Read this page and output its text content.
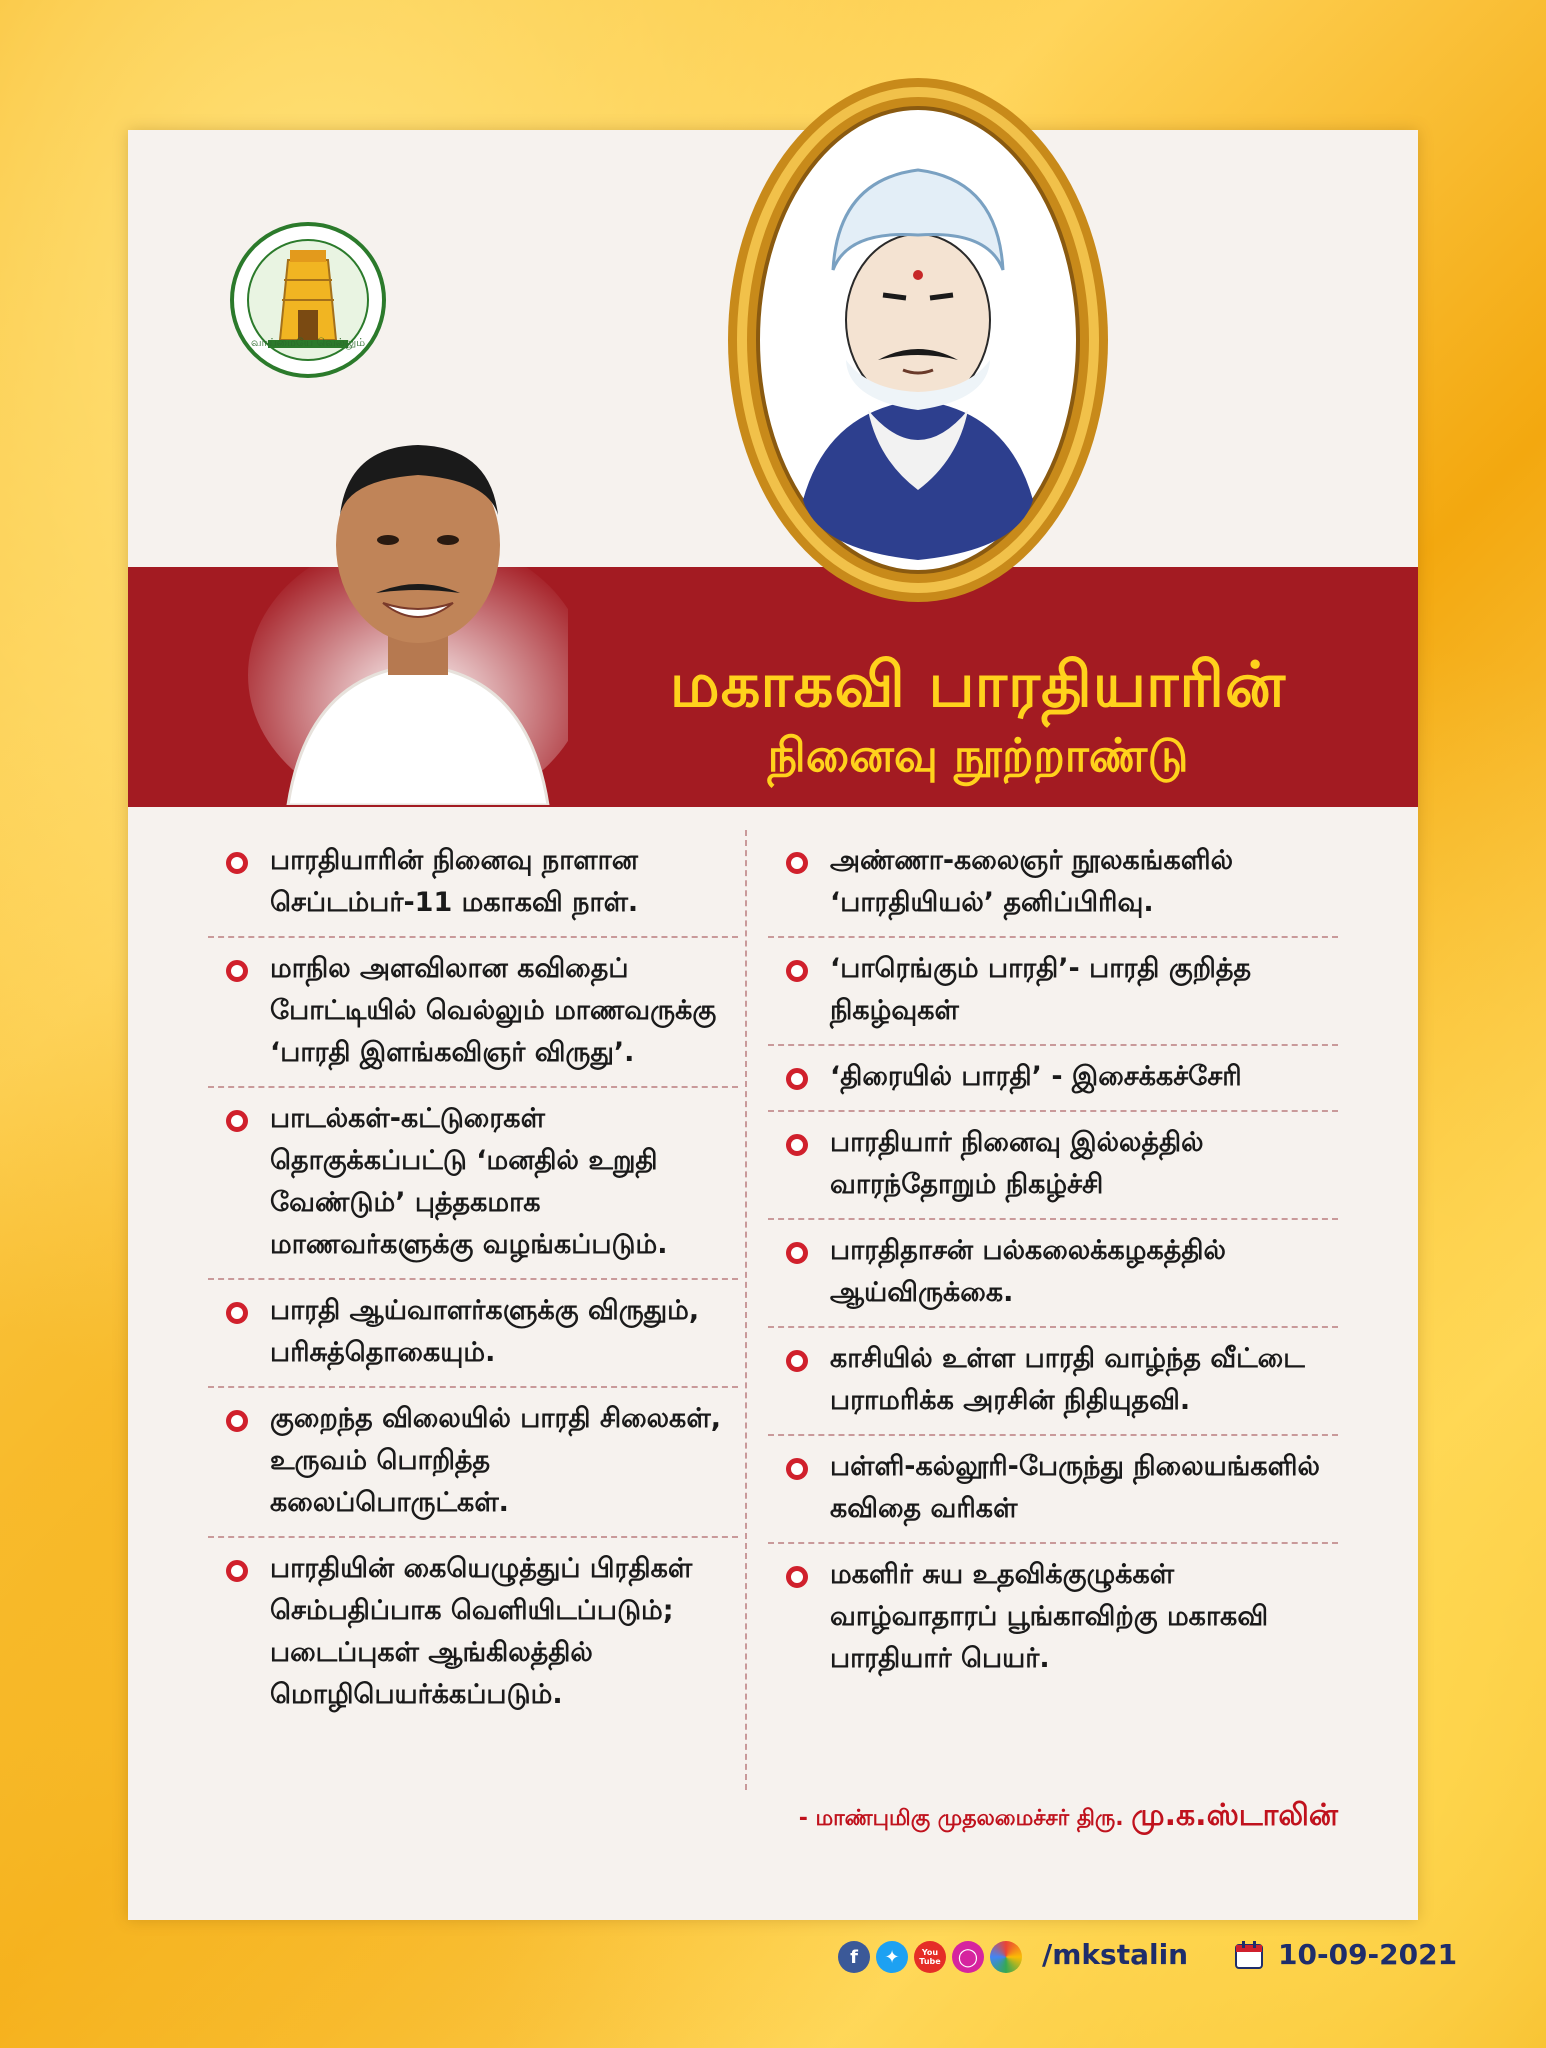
வாய்மையே வெல்லும்
மகாகவி பாரதியாரின்
நினைவு நூற்றாண்டு
பாரதியாரின் நினைவு நாளான செப்டம்பர்-11 மகாகவி நாள்.
மாநில அளவிலான கவிதைப் போட்டியில் வெல்லும் மாணவருக்கு ‘பாரதி இளங்கவிஞர் விருது’.
பாடல்கள்-கட்டுரைகள் தொகுக்கப்பட்டு ‘மனதில் உறுதி வேண்டும்’ புத்தகமாக மாணவர்களுக்கு வழங்கப்படும்.
பாரதி ஆய்வாளர்களுக்கு விருதும், பரிசுத்தொகையும்.
குறைந்த விலையில் பாரதி சிலைகள், உருவம் பொறித்த கலைப்பொருட்கள்.
பாரதியின் கையெழுத்துப் பிரதிகள் செம்பதிப்பாக வெளியிடப்படும்; படைப்புகள் ஆங்கிலத்தில் மொழிபெயர்க்கப்படும்.
அண்ணா-கலைஞர் நூலகங்களில் ‘பாரதியியல்’ தனிப்பிரிவு.
‘பாரெங்கும் பாரதி’- பாரதி குறித்த நிகழ்வுகள்
‘திரையில் பாரதி’ - இசைக்கச்சேரி
பாரதியார் நினைவு இல்லத்தில் வாரந்தோறும் நிகழ்ச்சி
பாரதிதாசன் பல்கலைக்கழகத்தில் ஆய்விருக்கை.
காசியில் உள்ள பாரதி வாழ்ந்த வீட்டை பராமரிக்க அரசின் நிதியுதவி.
பள்ளி-கல்லூரி-பேருந்து நிலையங்களில் கவிதை வரிகள்
மகளிர் சுய உதவிக்குழுக்கள் வாழ்வாதாரப் பூங்காவிற்கு மகாகவி பாரதியார் பெயர்.
- மாண்புமிகு முதலமைச்சர் திரு. மு.க.ஸ்டாலின்
f	✦	You Tube ◯ /mkstalin	10-09-2021
